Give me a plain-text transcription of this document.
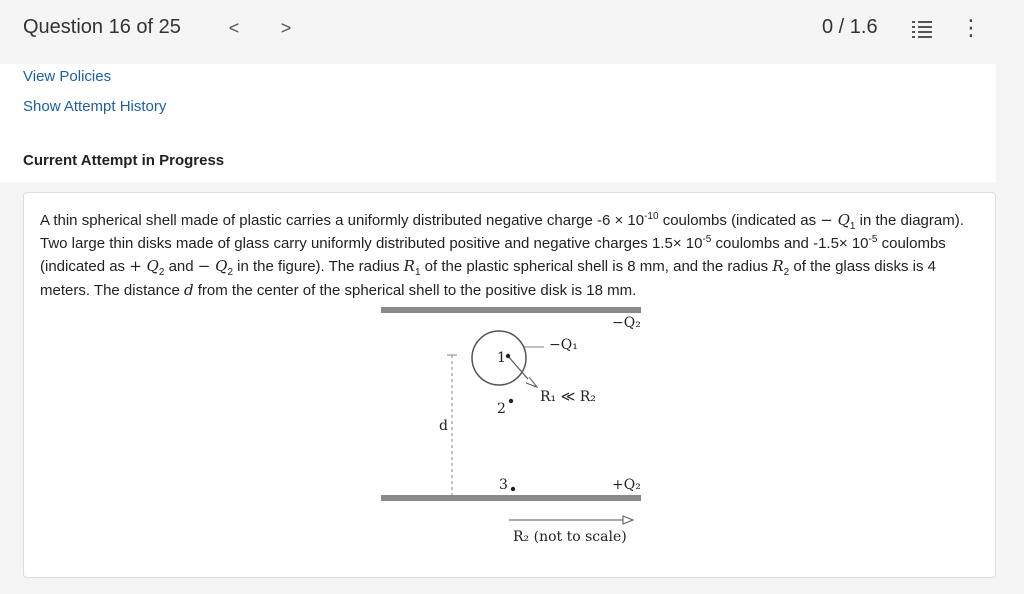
Question 16 of 25	<	>	0 / 1.6	⋮
View Policies
Show Attempt History
Current Attempt in Progress
A thin spherical shell made of plastic carries a uniformly distributed negative charge $-6 \times 10^{-10}$ coulombs (indicated as − $Q_1$ in the diagram). Two large thin disks made of glass carry uniformly distributed positive and negative charges $1.5\times 10^{-5}$ coulombs and $-1.5\times 10^{-5}$ coulombs (indicated as + $Q_2$ and − $Q_2$ in the figure). The radius $R_1$ of the plastic spherical shell is 8 mm, and the radius $R_2$ of the glass disks is 4 meters. The distance d from the center of the spherical shell to the positive disk is 18 mm.
−Q₂
−Q₁
1
2
R₁ ≪ R₂
d
3	+Q₂
R₂ (not to scale)
